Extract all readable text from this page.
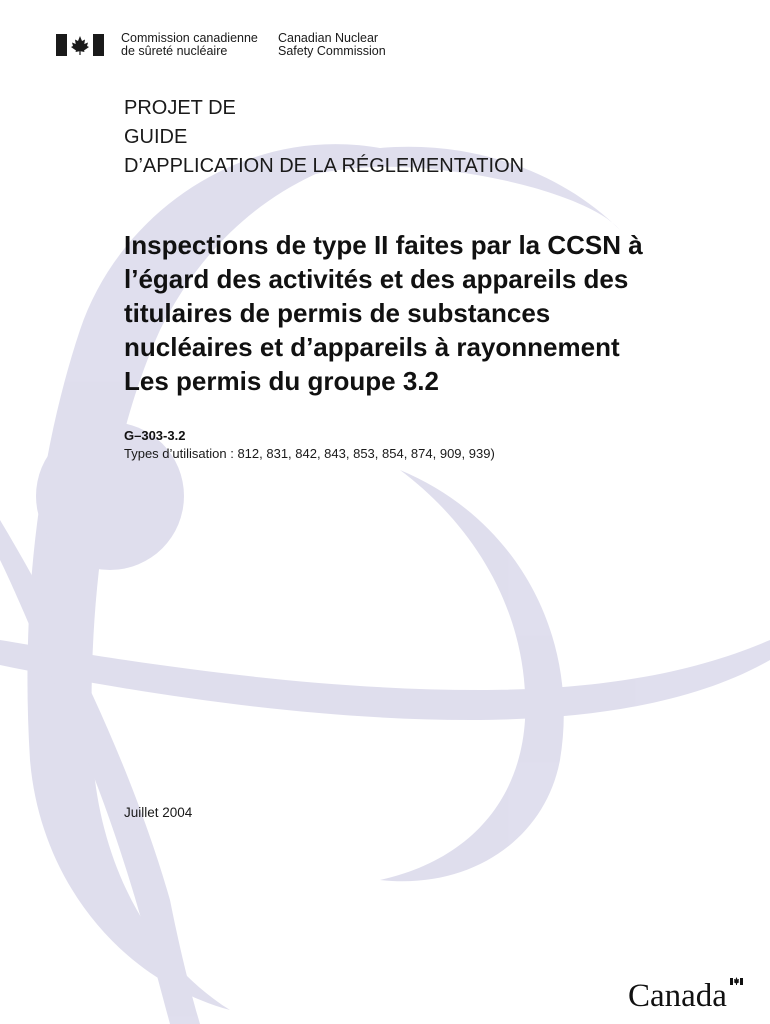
Commission canadienne
de sûreté nucléaire
Canadian Nuclear
Safety Commission
PROJET DE
GUIDE
D’APPLICATION DE LA RÉGLEMENTATION
Inspections de type II faites par la CCSN à
l’égard des activités et des appareils des
titulaires de permis de substances
nucléaires et d’appareils à rayonnement
Les permis du groupe 3.2
G–303-3.2
Types d’utilisation : 812, 831, 842, 843, 853, 854, 874, 909, 939)
Juillet 2004
Canada
